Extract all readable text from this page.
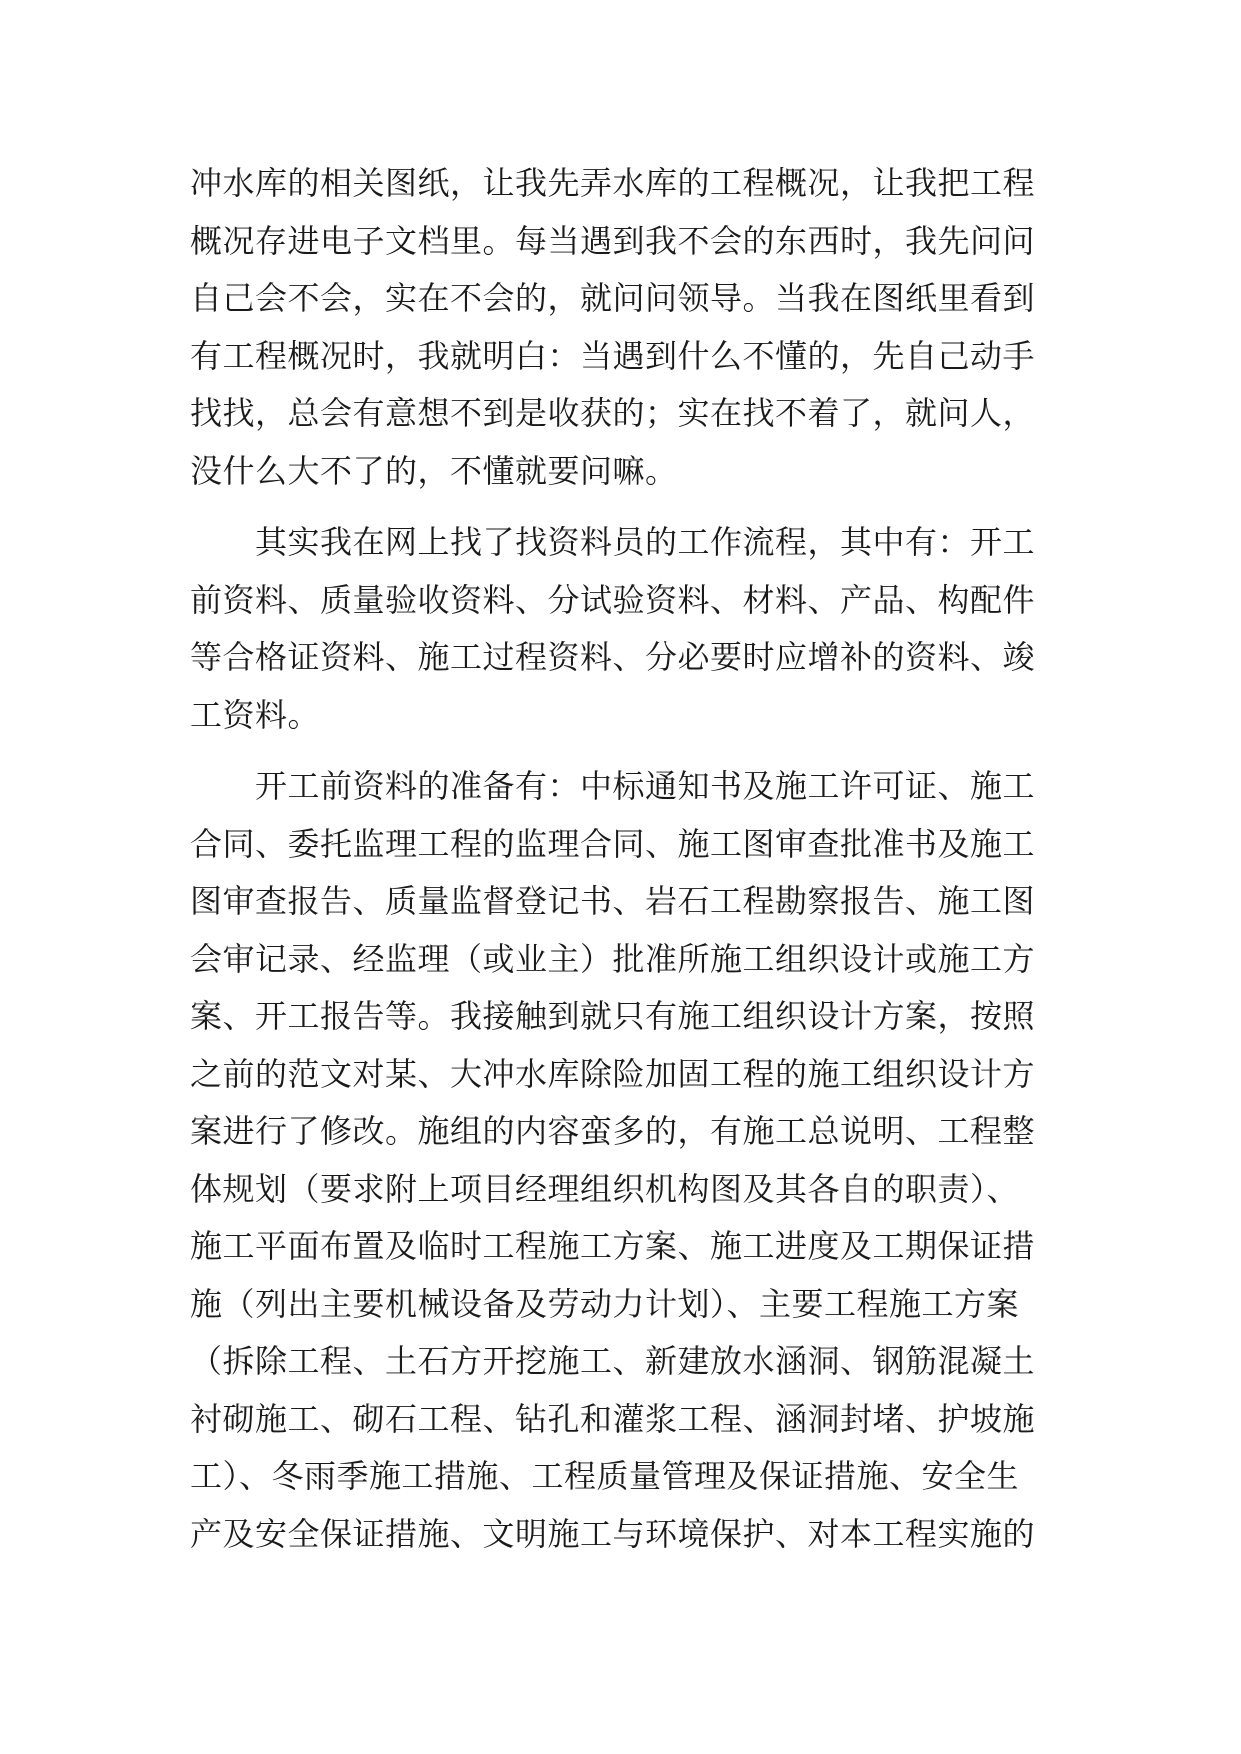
冲水库的相关图纸，让我先弄水库的工程概况，让我把工程
概况存进电子文档里。每当遇到我不会的东西时，我先问问
自己会不会，实在不会的，就问问领导。当我在图纸里看到
有工程概况时，我就明白：当遇到什么不懂的，先自己动手
找找，总会有意想不到是收获的；实在找不着了，就问人，
没什么大不了的，不懂就要问嘛。
　　其实我在网上找了找资料员的工作流程，其中有：开工
前资料、质量验收资料、分试验资料、材料、产品、构配件
等合格证资料、施工过程资料、分必要时应增补的资料、竣
工资料。
　　开工前资料的准备有：中标通知书及施工许可证、施工
合同、委托监理工程的监理合同、施工图审查批准书及施工
图审查报告、质量监督登记书、岩石工程勘察报告、施工图
会审记录、经监理（或业主）批准所施工组织设计或施工方
案、开工报告等。我接触到就只有施工组织设计方案，按照
之前的范文对某、大冲水库除险加固工程的施工组织设计方
案进行了修改。施组的内容蛮多的，有施工总说明、工程整
体规划（要求附上项目经理组织机构图及其各自的职责）、
施工平面布置及临时工程施工方案、施工进度及工期保证措
施（列出主要机械设备及劳动力计划）、主要工程施工方案
（拆除工程、土石方开挖施工、新建放水涵洞、钢筋混凝土
衬砌施工、砌石工程、钻孔和灌浆工程、涵洞封堵、护坡施
工）、冬雨季施工措施、工程质量管理及保证措施、安全生
产及安全保证措施、文明施工与环境保护、对本工程实施的
